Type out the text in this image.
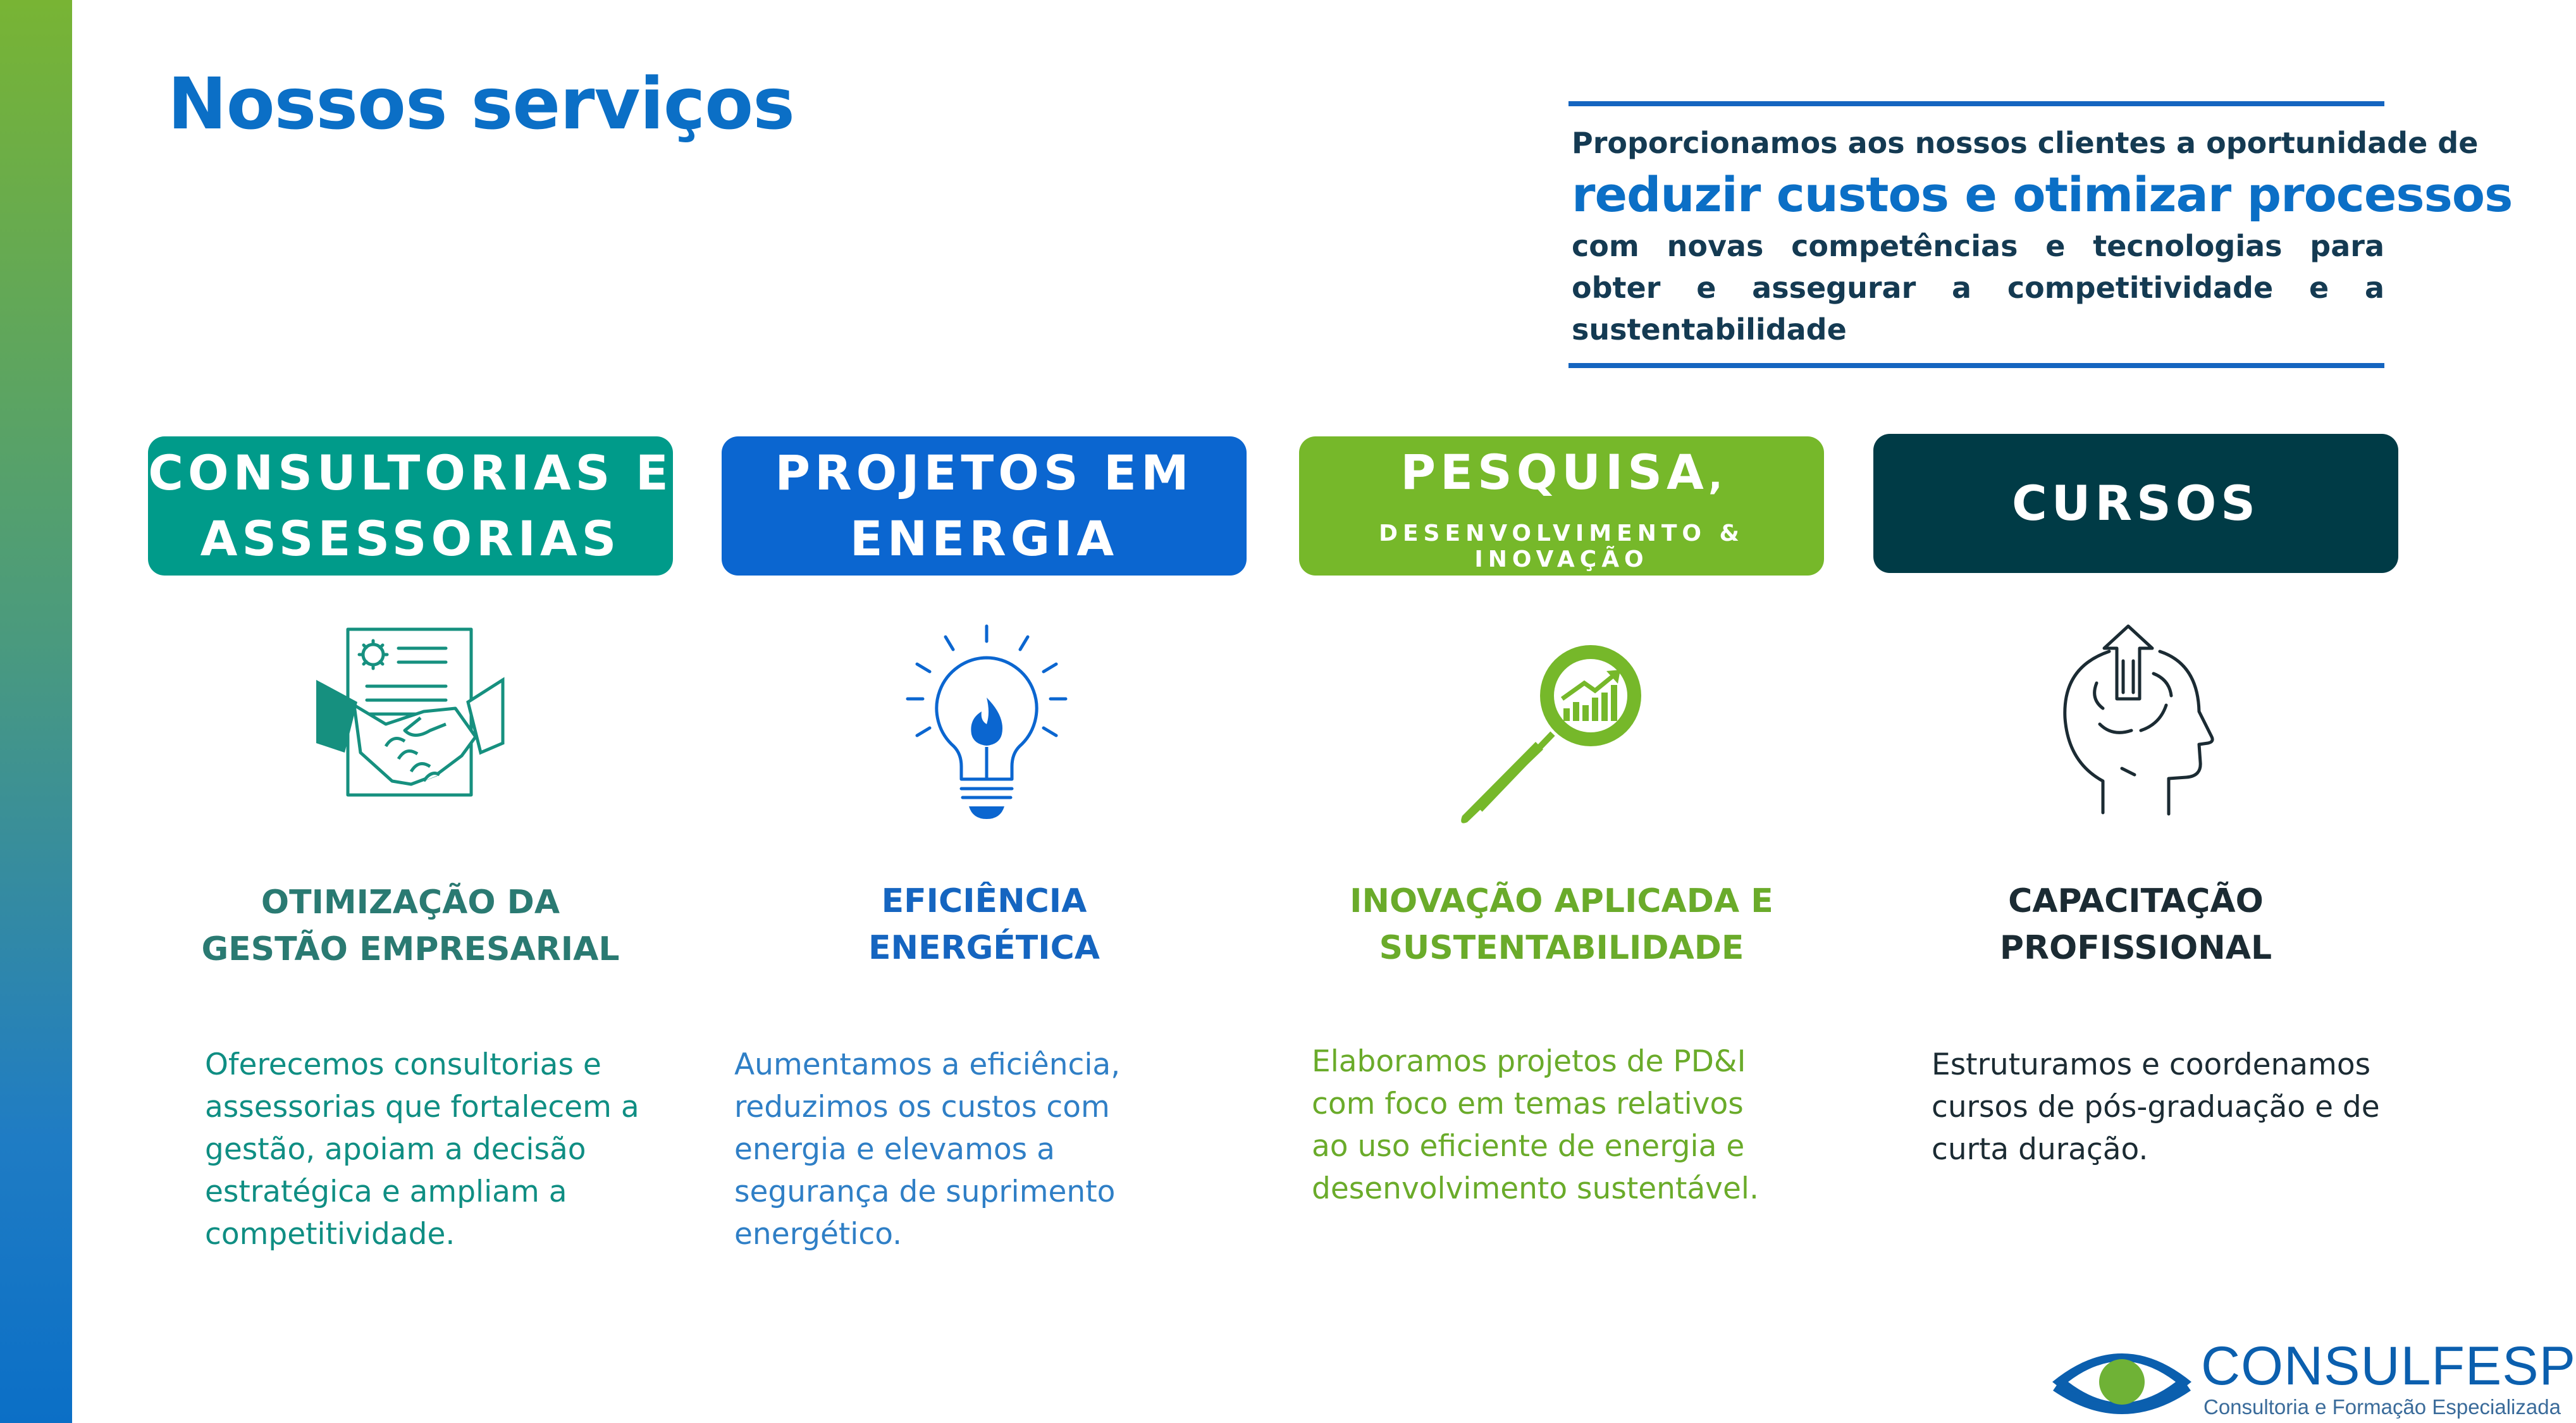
Nossos serviços	Proporcionamos aos nossos clientes a oportunidade de
reduzir custos e otimizar processos
com novas competências e tecnologias para obter e assegurar a competitividade e a sustentabilidade
CONSULTORIAS E
ASSESSORIAS
OTIMIZAÇÃO DA
GESTÃO EMPRESARIAL
Oferecemos consultorias e assessorias que fortalecem a gestão, apoiam a decisão estratégica e ampliam a competitividade.
PROJETOS EM
ENERGIA
EFICIÊNCIA
ENERGÉTICA
Aumentamos a eficiência, reduzimos os custos com energia e elevamos a segurança de suprimento energético.
PESQUISA,
DESENVOLVIMENTO & INOVAÇÃO
INOVAÇÃO APLICADA E
SUSTENTABILIDADE
Elaboramos projetos de PD&I com foco em temas relativos ao uso eficiente de energia e desenvolvimento sustentável.
CURSOS
CAPACITAÇÃO
PROFISSIONAL
Estruturamos e coordenamos cursos de pós-graduação e de curta duração.
CONSULFESP
Consultoria e Formação Especializada
